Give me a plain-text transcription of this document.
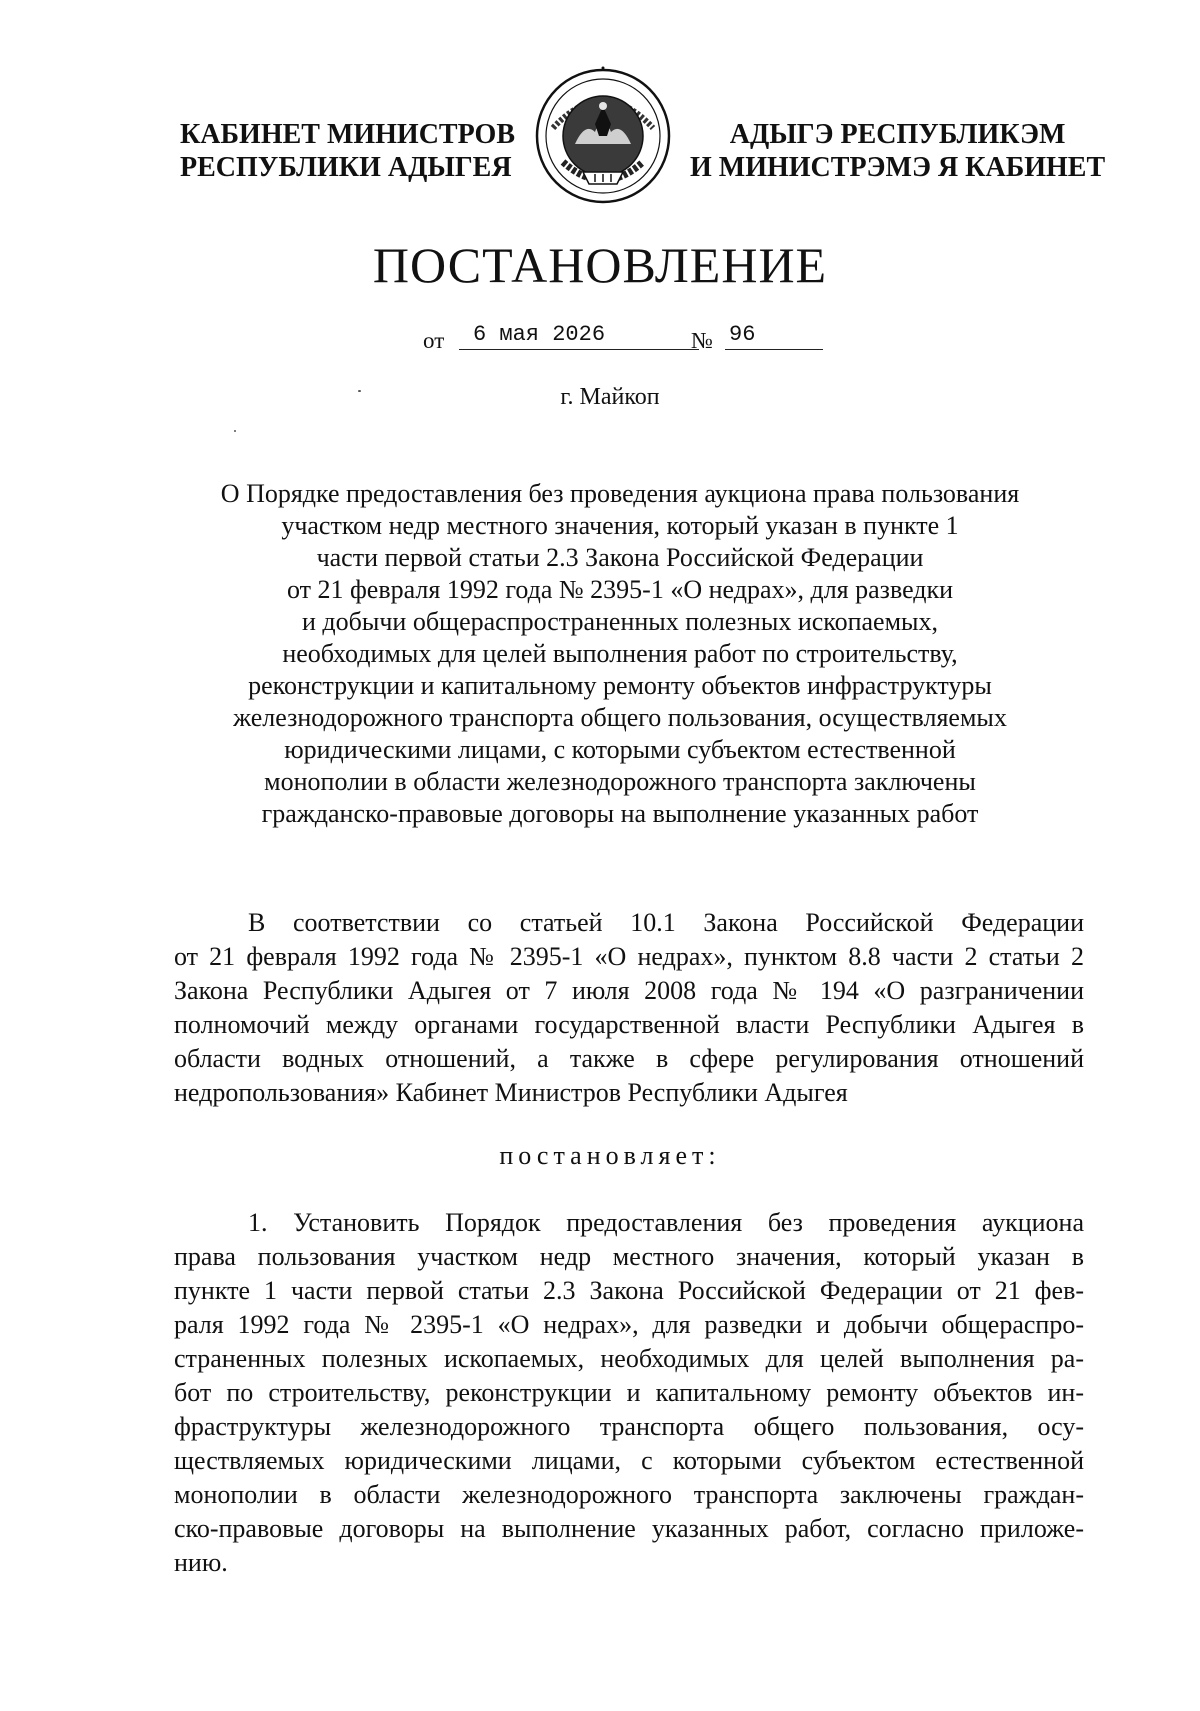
КАБИНЕТ МИНИСТРОВ
РЕСПУБЛИКИ АДЫГЕЯ
АДЫГЭ РЕСПУБЛИКЭМ
И МИНИСТРЭМЭ Я КАБИНЕТ
ПОСТАНОВЛЕНИЕ
от	6 мая 2026	№ 96
г. Майкоп
О Порядке предоставления без проведения аукциона права пользования
участком недр местного значения, который указан в пункте 1
части первой статьи 2.3 Закона Российской Федерации
от 21 февраля 1992 года № 2395-1 «О недрах», для разведки
и добычи общераспространенных полезных ископаемых,
необходимых для целей выполнения работ по строительству,
реконструкции и капитальному ремонту объектов инфраструктуры
железнодорожного транспорта общего пользования, осуществляемых
юридическими лицами, с которыми субъектом естественной
монополии в области железнодорожного транспорта заключены
гражданско-правовые договоры на выполнение указанных работ
В соответствии со статьей 10.1 Закона Российской Федерации
от 21 февраля 1992 года № 2395-1 «О недрах», пунктом 8.8 части 2 статьи 2
Закона Республики Адыгея от 7 июля 2008 года № 194 «О разграничении
полномочий между органами государственной власти Республики Адыгея в
области водных отношений, а также в сфере регулирования отношений
недропользования» Кабинет Министров Республики Адыгея
постановляет:
1. Установить Порядок предоставления без проведения аукциона
права пользования участком недр местного значения, который указан в
пункте 1 части первой статьи 2.3 Закона Российской Федерации от 21 фев-
раля 1992 года № 2395-1 «О недрах», для разведки и добычи общераспро-
страненных полезных ископаемых, необходимых для целей выполнения ра-
бот по строительству, реконструкции и капитальному ремонту объектов ин-
фраструктуры железнодорожного транспорта общего пользования, осу-
ществляемых юридическими лицами, с которыми субъектом естественной
монополии в области железнодорожного транспорта заключены граждан-
ско-правовые договоры на выполнение указанных работ, согласно приложе-
нию.
